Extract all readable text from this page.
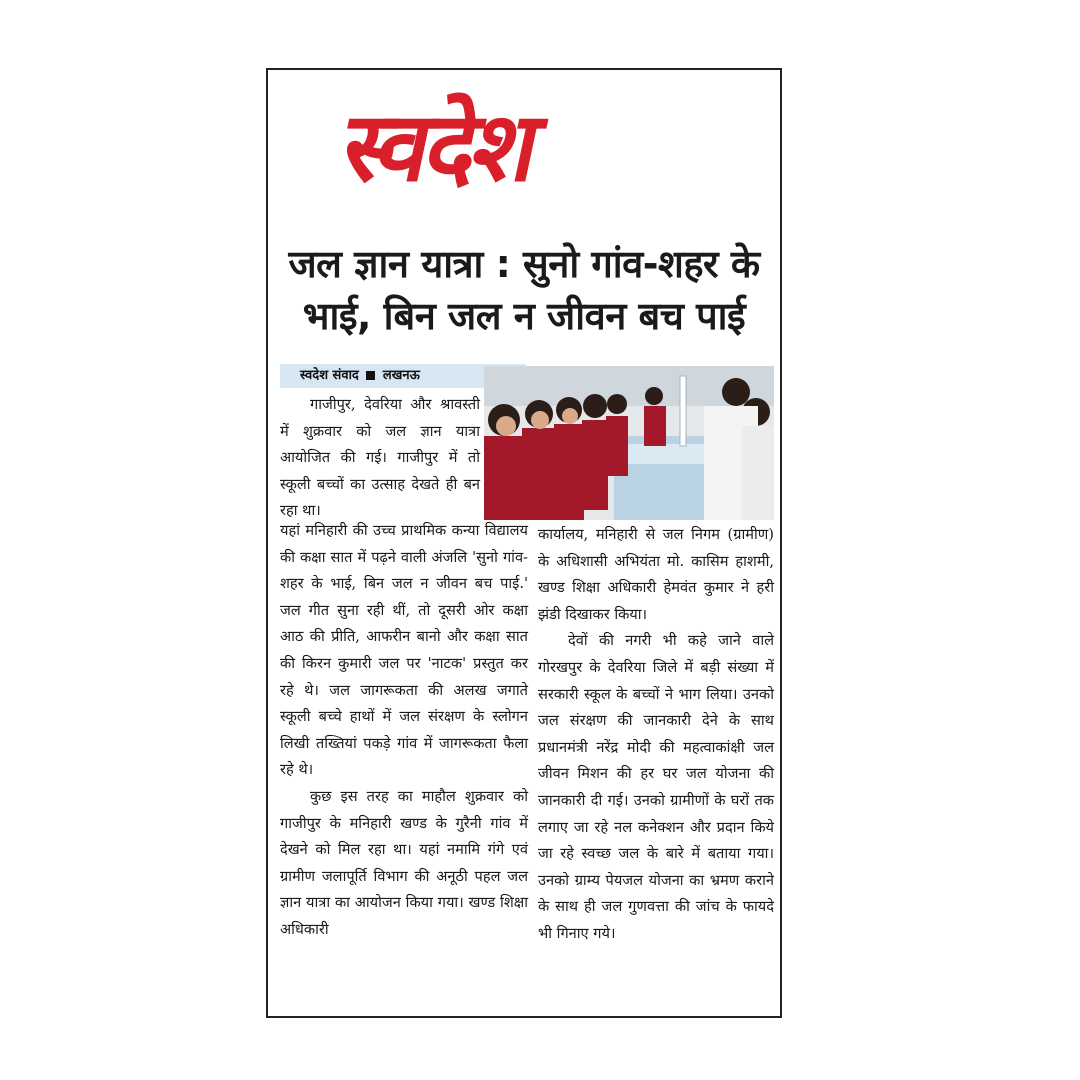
स्वदेश
जल ज्ञान यात्रा : सुनो गांव-शहर के
भाई, बिन जल न जीवन बच पाई
स्वदेश संवाद लखनऊ

गाजीपुर, देवरिया और श्रावस्ती में शुक्रवार को जल ज्ञान यात्रा आयोजित की गई। गाजीपुर में तो स्कूली बच्चों का उत्साह देखते ही बन रहा था।

यहां मनिहारी की उच्च प्राथमिक कन्या विद्यालय की कक्षा सात में पढ़ने वाली अंजलि 'सुनो गांव-शहर के भाई, बिन जल न जीवन बच पाई.' जल गीत सुना रही थीं, तो दूसरी ओर कक्षा आठ की प्रीति, आफरीन बानो और कक्षा सात की किरन कुमारी जल पर 'नाटक' प्रस्तुत कर रहे थे। जल जागरूकता की अलख जगाते स्कूली बच्चे हाथों में जल संरक्षण के स्लोगन लिखी तख्तियां पकड़े गांव में जागरूकता फैला रहे थे।

कुछ इस तरह का माहौल शुक्रवार को गाजीपुर के मनिहारी खण्ड के गुरैनी गांव में देखने को मिल रहा था। यहां नमामि गंगे एवं ग्रामीण जलापूर्ति विभाग की अनूठी पहल जल ज्ञान यात्रा का आयोजन किया गया। खण्ड शिक्षा अधिकारी

कार्यालय, मनिहारी से जल निगम (ग्रामीण) के अधिशासी अभियंता मो. कासिम हाशमी, खण्ड शिक्षा अधिकारी हेमवंत कुमार ने हरी झंडी दिखाकर किया।

देवों की नगरी भी कहे जाने वाले गोरखपुर के देवरिया जिले में बड़ी संख्या में सरकारी स्कूल के बच्चों ने भाग लिया। उनको जल संरक्षण की जानकारी देने के साथ प्रधानमंत्री नरेंद्र मोदी की महत्वाकांक्षी जल जीवन मिशन की हर घर जल योजना की जानकारी दी गई। उनको ग्रामीणों के घरों तक लगाए जा रहे नल कनेक्शन और प्रदान किये जा रहे स्वच्छ जल के बारे में बताया गया। उनको ग्राम्य पेयजल योजना का भ्रमण कराने के साथ ही जल गुणवत्ता की जांच के फायदे भी गिनाए गये।
